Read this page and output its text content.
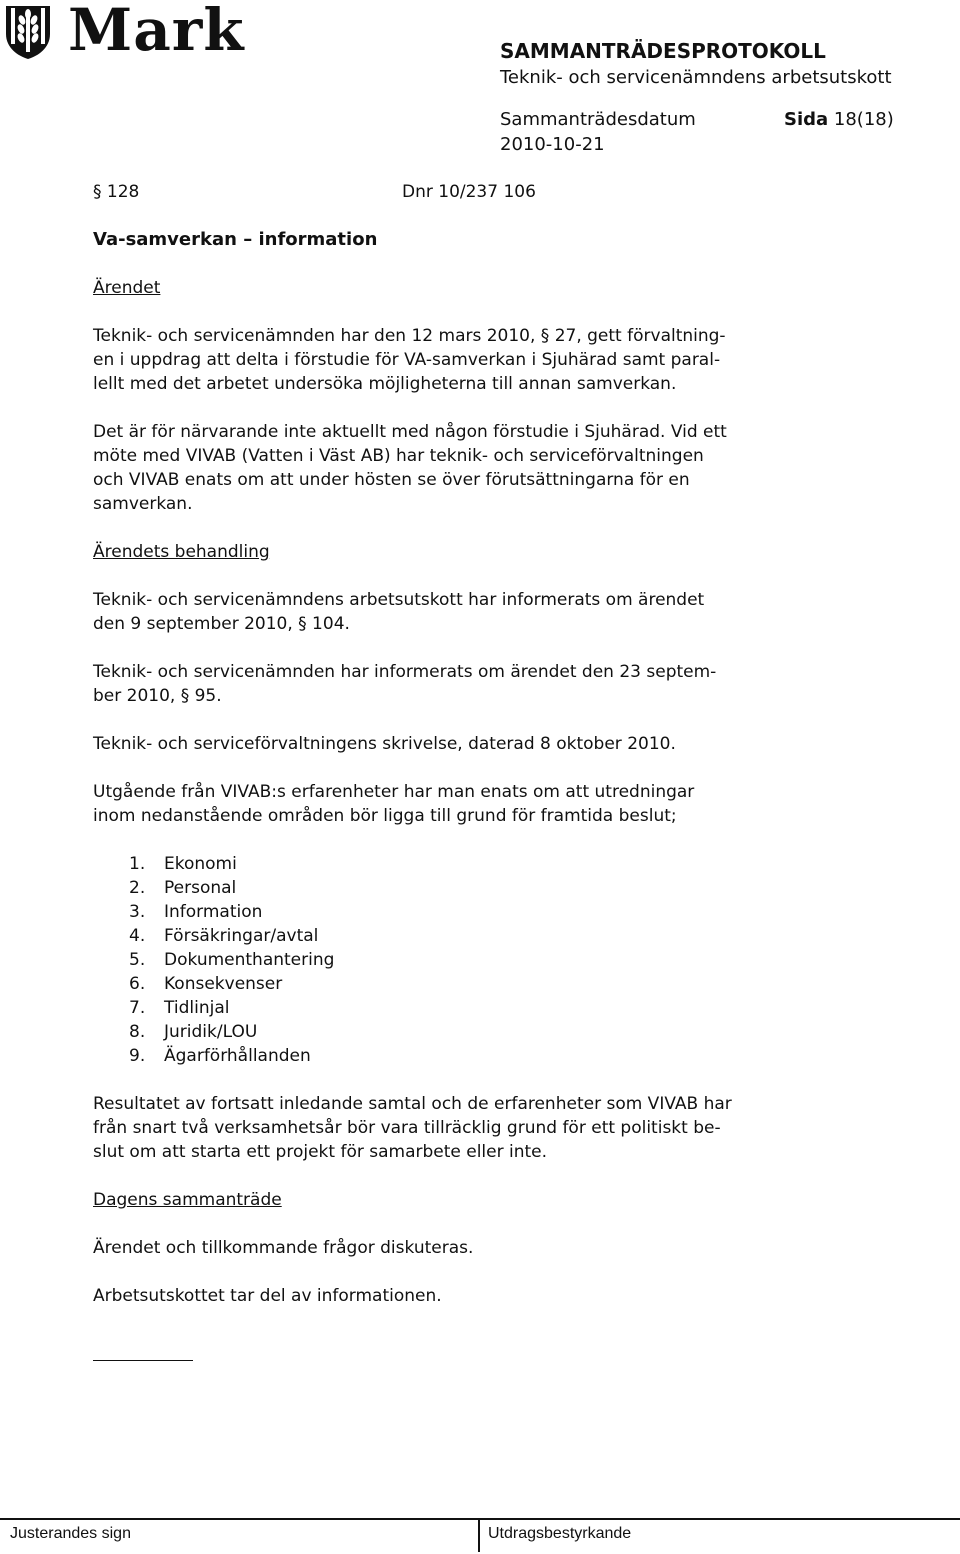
Mark	SAMMANTRÄDESPROTOKOLL
Teknik- och servicenämndens arbetsutskott
Sammanträdesdatum	Sida 18(18)
2010-10-21
§ 128	Dnr 10/237 106

Va-samverkan – information

Ärendet

Teknik- och servicenämnden har den 12 mars 2010, § 27, gett förvaltning-

en i uppdrag att delta i förstudie för VA-samverkan i Sjuhärad samt paral-

lellt med det arbetet undersöka möjligheterna till annan samverkan.

Det är för närvarande inte aktuellt med någon förstudie i Sjuhärad. Vid ett

möte med VIVAB (Vatten i Väst AB) har teknik- och serviceförvaltningen

och VIVAB enats om att under hösten se över förutsättningarna för en

samverkan.

Ärendets behandling

Teknik- och servicenämndens arbetsutskott har informerats om ärendet

den 9 september 2010, § 104.

Teknik- och servicenämnden har informerats om ärendet den 23 septem-

ber 2010, § 95.

Teknik- och serviceförvaltningens skrivelse, daterad 8 oktober 2010.

Utgående från VIVAB:s erfarenheter har man enats om att utredningar

inom nedanstående områden bör ligga till grund för framtida beslut;

1.	Ekonomi
2.	Personal
3.	Information
4.	Försäkringar/avtal
5.	Dokumenthantering
6.	Konsekvenser
7.	Tidlinjal
8.	Juridik/LOU
9.	Ägarförhållanden

Resultatet av fortsatt inledande samtal och de erfarenheter som VIVAB har

från snart två verksamhetsår bör vara tillräcklig grund för ett politiskt be-

slut om att starta ett projekt för samarbete eller inte.

Dagens sammanträde

Ärendet och tillkommande frågor diskuteras.

Arbetsutskottet tar del av informationen.

Justerandes sign	Utdragsbestyrkande
